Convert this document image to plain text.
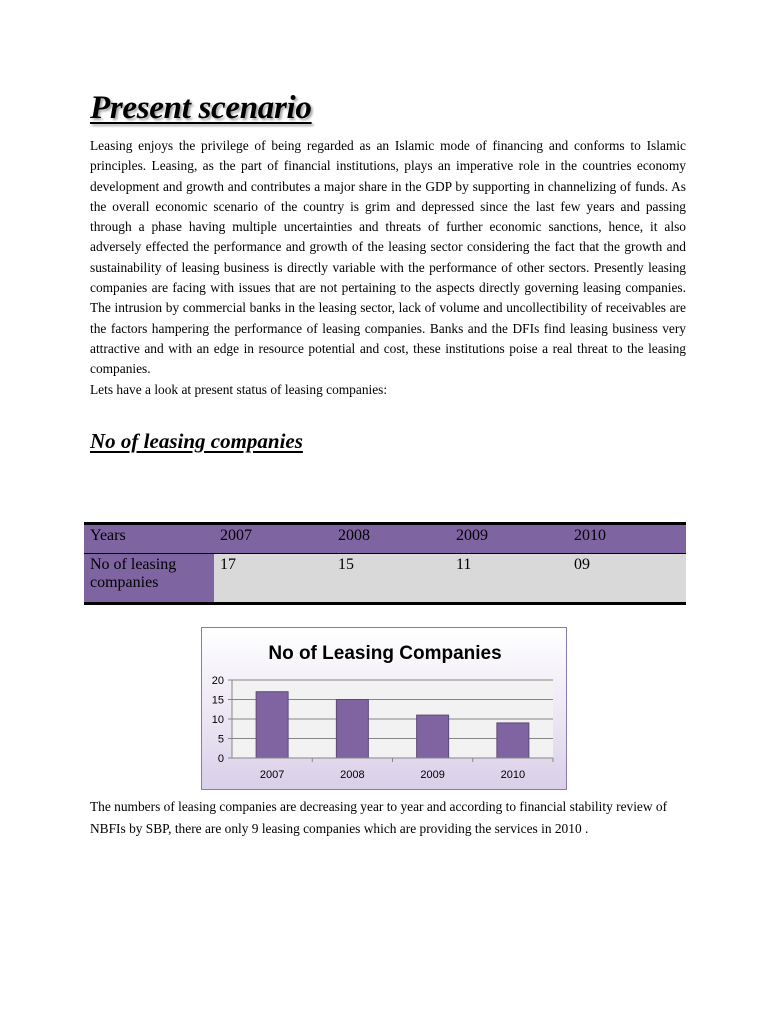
Present scenario

Leasing enjoys the privilege of being regarded as an Islamic mode of financing and conforms to Islamic principles. Leasing, as the part of financial institutions, plays an imperative role in the countries economy development and growth and contributes a major share in the GDP by supporting in channelizing of funds. As the overall economic scenario of the country is grim and depressed since the last few years and passing through a phase having multiple uncertainties and threats of further economic sanctions, hence, it also adversely effected the performance and growth of the leasing sector considering the fact that the growth and sustainability of leasing business is directly variable with the performance of other sectors. Presently leasing companies are facing with issues that are not pertaining to the aspects directly governing leasing companies. The intrusion by commercial banks in the leasing sector, lack of volume and uncollectibility of receivables are the factors hampering the performance of leasing companies. Banks and the DFIs find leasing business very attractive and with an edge in resource potential and cost, these institutions poise a real threat to the leasing companies.

Lets have a look at present status of leasing companies:

No of leasing companies
Years	2007	2008	2009	2010
No of leasing companies	17	15	11	09
No of Leasing Companies
0
5
10
15
20
2007	2008	2009	2010

The numbers of leasing companies are decreasing year to year and according to financial stability review of NBFIs by SBP, there are only 9 leasing companies which are providing the services in 2010 .
